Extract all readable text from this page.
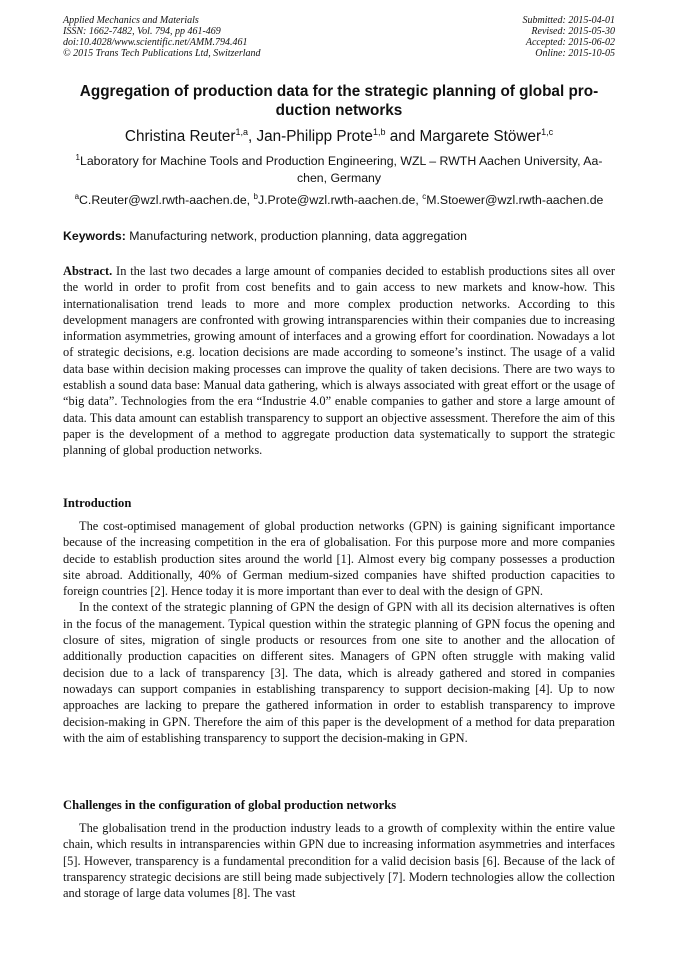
Applied Mechanics and Materials
ISSN: 1662-7482, Vol. 794, pp 461-469
doi:10.4028/www.scientific.net/AMM.794.461
© 2015 Trans Tech Publications Ltd, Switzerland
Submitted: 2015-04-01
Revised: 2015-05-30
Accepted: 2015-06-02
Online: 2015-10-05
Aggregation of production data for the strategic planning of global production networks
Christina Reuter$^{1,a}$, Jan-Philipp Prote$^{1,b}$ and Margarete Stöwer$^{1,c}$
$^1$Laboratory for Machine Tools and Production Engineering, WZL – RWTH Aachen University, Aachen, Germany
$^a$C.Reuter@wzl.rwth-aachen.de, $^b$J.Prote@wzl.rwth-aachen.de, $^c$M.Stoewer@wzl.rwth-aachen.de
Keywords: Manufacturing network, production planning, data aggregation
Abstract. In the last two decades a large amount of companies decided to establish productions sites all over the world in order to profit from cost benefits and to gain access to new markets and know-how. This internationalisation trend leads to more and more complex production networks. According to this development managers are confronted with growing intransparencies within their companies due to increasing information asymmetries, growing amount of interfaces and a growing effort for coordination. Nowadays a lot of strategic decisions, e.g. location decisions are made according to someone’s instinct. The usage of a valid data base within decision making processes can improve the quality of taken decisions. There are two ways to establish a sound data base: Manual data gathering, which is always associated with great effort or the usage of “big data”. Technologies from the era “Industrie 4.0” enable companies to gather and store a large amount of data. This data amount can establish transparency to support an objective assessment. Therefore the aim of this paper is the development of a method to aggregate production data systematically to support the strategic planning of global production networks.
Introduction

The cost-optimised management of global production networks (GPN) is gaining significant importance because of the increasing competition in the era of globalisation. For this purpose more and more companies decide to establish production sites around the world [1]. Almost every big company possesses a production site abroad. Additionally, 40% of German medium-sized companies have shifted production capacities to foreign countries [2]. Hence today it is more important than ever to deal with the design of GPN.

In the context of the strategic planning of GPN the design of GPN with all its decision alternatives is often in the focus of the management. Typical question within the strategic planning of GPN focus the opening and closure of sites, migration of single products or resources from one site to another and the allocation of additionally production capacities on different sites. Managers of GPN often struggle with making valid decision due to a lack of transparency [3]. The data, which is already gathered and stored in companies nowadays can support companies in establishing transparency to support decision-making [4]. Up to now approaches are lacking to prepare the gathered information in order to establish transparency to improve decision-making in GPN. Therefore the aim of this paper is the development of a method for data preparation with the aim of establishing transparency to support the decision-making in GPN.

Challenges in the configuration of global production networks

The globalisation trend in the production industry leads to a growth of complexity within the entire value chain, which results in intransparencies within GPN due to increasing information asymmetries and interfaces [5]. However, transparency is a fundamental precondition for a valid decision basis [6]. Because of the lack of transparency strategic decisions are still being made subjectively [7]. Modern technologies allow the collection and storage of large data volumes [8]. The vast
